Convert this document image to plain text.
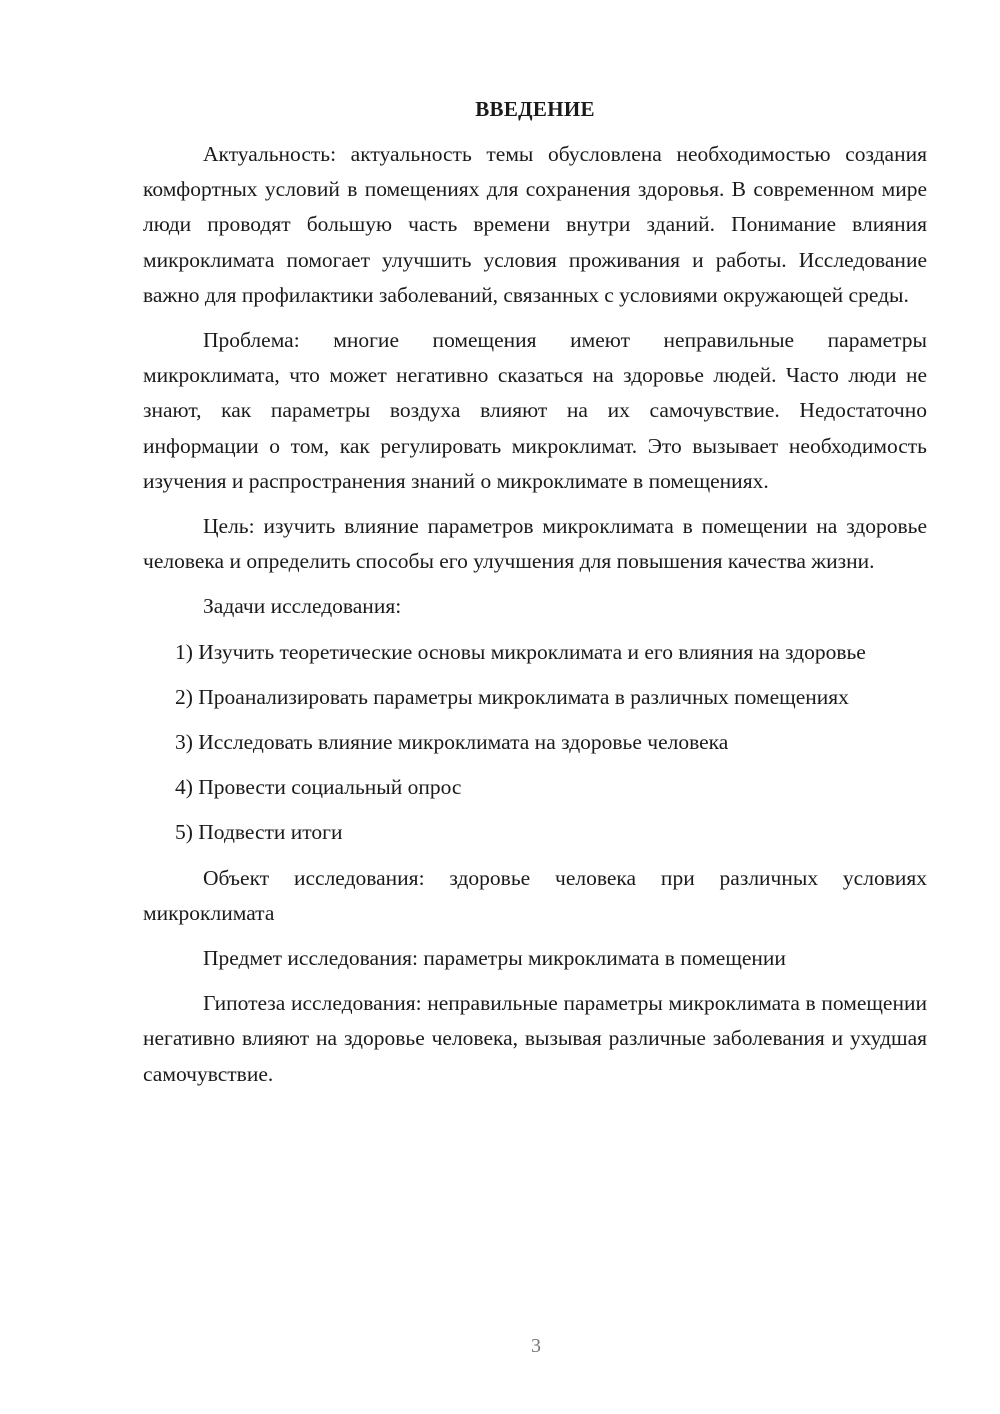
ВВЕДЕНИЕ

Актуальность: актуальность темы обусловлена необходимостью создания комфортных условий в помещениях для сохранения здоровья. В современном мире люди проводят большую часть времени внутри зданий. Понимание влияния микроклимата помогает улучшить условия проживания и работы. Исследование важно для профилактики заболеваний, связанных с условиями окружающей среды.

Проблема: многие помещения имеют неправильные параметры микроклимата, что может негативно сказаться на здоровье людей. Часто люди не знают, как параметры воздуха влияют на их самочувствие. Недостаточно информации о том, как регулировать микроклимат. Это вызывает необходимость изучения и распространения знаний о микроклимате в помещениях.

Цель: изучить влияние параметров микроклимата в помещении на здоровье человека и определить способы его улучшения для повышения качества жизни.

Задачи исследования:

1) Изучить теоретические основы микроклимата и его влияния на здоровье

2) Проанализировать параметры микроклимата в различных помещениях

3) Исследовать влияние микроклимата на здоровье человека

4) Провести социальный опрос

5) Подвести итоги

Объект исследования: здоровье человека при различных условиях микроклимата

Предмет исследования: параметры микроклимата в помещении

Гипотеза исследования: неправильные параметры микроклимата в помещении негативно влияют на здоровье человека, вызывая различные заболевания и ухудшая самочувствие.

3
